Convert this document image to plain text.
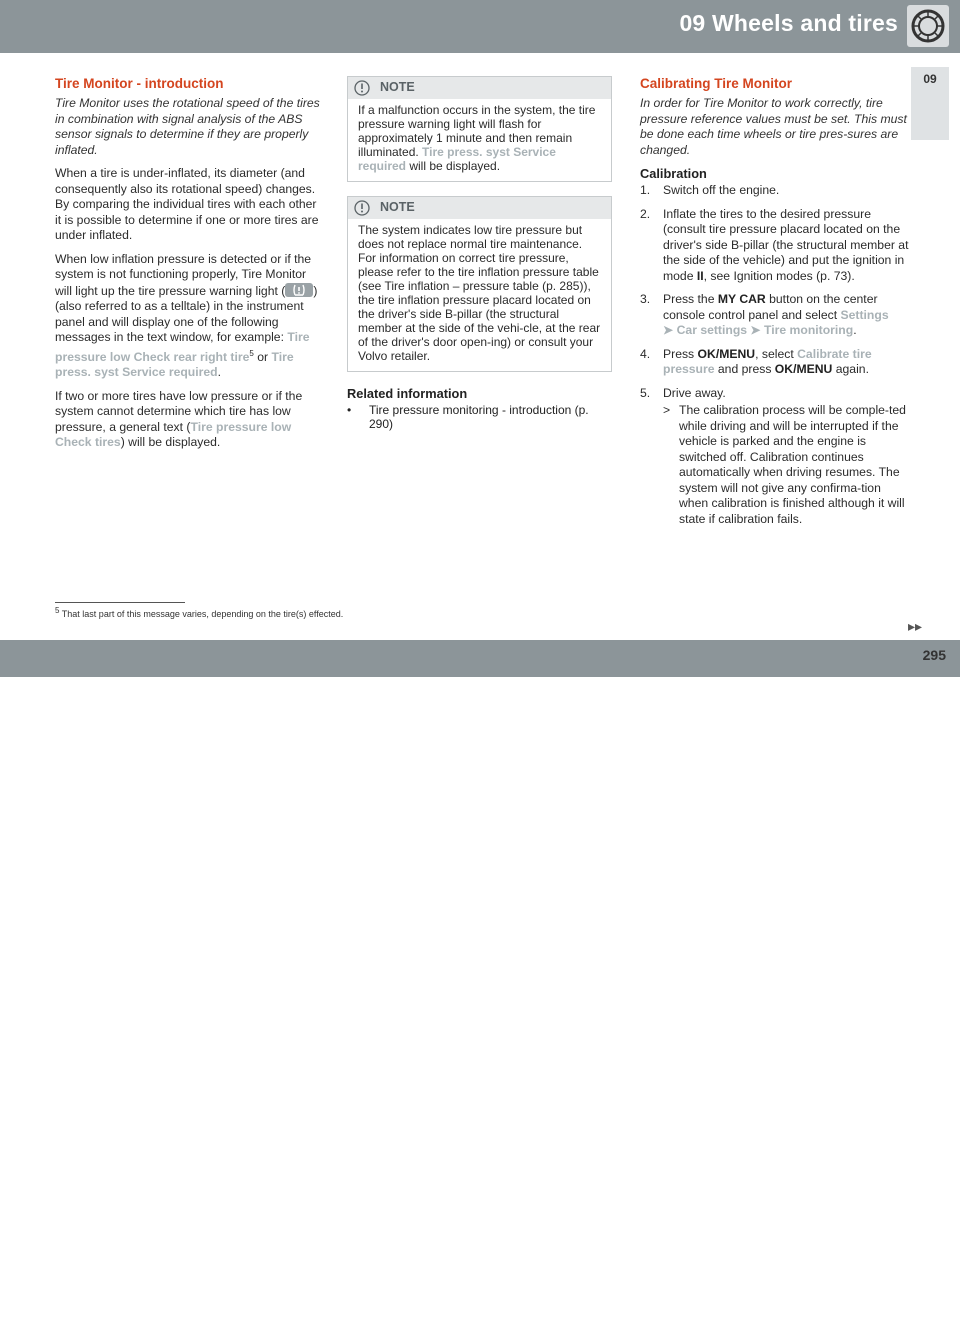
09 Wheels and tires
09
Tire Monitor - introduction

Tire Monitor uses the rotational speed of the tires in combination with signal analysis of the ABS sensor signals to determine if they are properly inflated.

When a tire is under-inflated, its diameter (and consequently also its rotational speed) changes. By comparing the individual tires with each other it is possible to determine if one or more tires are under inflated.

When low inflation pressure is detected or if the system is not functioning properly, Tire Monitor will light up the tire pressure warning light ( ) (also referred to as a telltale) in the instrument panel and will display one of the following messages in the text window, for example: Tire pressure low Check rear right tire$^5$ or Tire press. syst Service required.

If two or more tires have low pressure or if the system cannot determine which tire has low pressure, a general text (Tire pressure low Check tires) will be displayed.

NOTE
If a malfunction occurs in the system, the tire pressure warning light will flash for approximately 1 minute and then remain illuminated. Tire press. syst Service required will be displayed.
NOTE
The system indicates low tire pressure but does not replace normal tire maintenance. For information on correct tire pressure, please refer to the tire inflation pressure table (see Tire inflation – pressure table (p. 285)), the tire inflation pressure placard located on the driver's side B-pillar (the structural member at the side of the vehi-cle, at the rear of the driver's door open-ing) or consult your Volvo retailer.
Related information
• Tire pressure monitoring - introduction (p. 290)
Calibrating Tire Monitor

In order for Tire Monitor to work correctly, tire pressure reference values must be set. This must be done each time wheels or tire pres-sures are changed.

Calibration
1. Switch off the engine.
2. Inflate the tires to the desired pressure (consult tire pressure placard located on the driver's side B-pillar (the structural member at the side of the vehicle) and put the ignition in mode II, see Ignition modes (p. 73).
3. Press the MY CAR button on the center console control panel and select Settings
➤ Car settings ➤ Tire monitoring.
4. Press OK/MENU, select Calibrate tire pressure and press OK/MENU again.
5. Drive away.
> The calibration process will be comple-ted while driving and will be interrupted if the vehicle is parked and the engine is switched off. Calibration continues automatically when driving resumes. The system will not give any confirma-tion when calibration is finished although it will state if calibration fails.
$^5$ That last part of this message varies, depending on the tire(s) effected.
▸▸
carmanualsonline.info
295
